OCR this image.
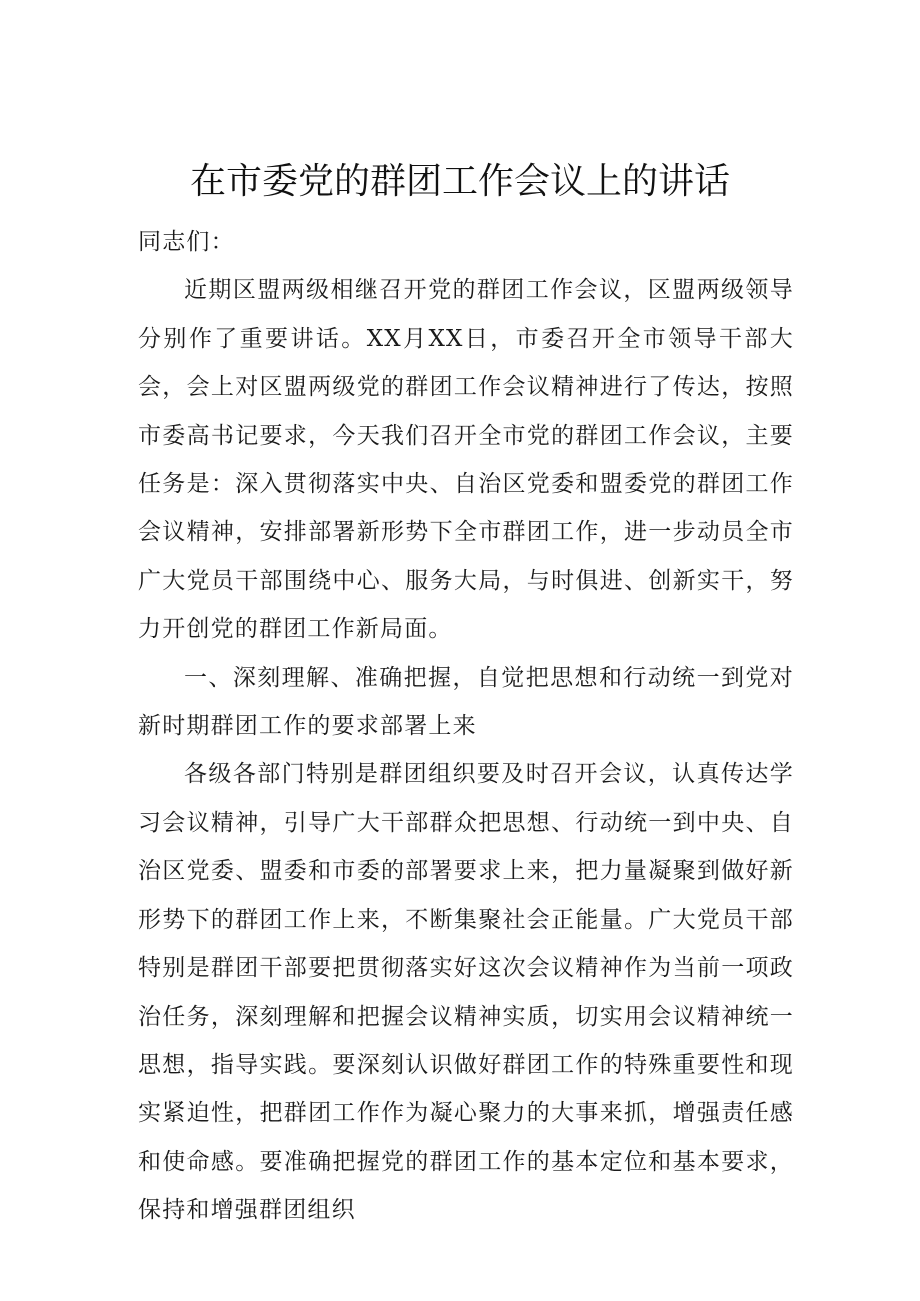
在市委党的群团工作会议上的讲话

同志们：

近期区盟两级相继召开党的群团工作会议，区盟两级领导分别作了重要讲话。XX月XX日，市委召开全市领导干部大会，会上对区盟两级党的群团工作会议精神进行了传达，按照市委高书记要求，今天我们召开全市党的群团工作会议，主要任务是：深入贯彻落实中央、自治区党委和盟委党的群团工作会议精神，安排部署新形势下全市群团工作，进一步动员全市广大党员干部围绕中心、服务大局，与时俱进、创新实干，努力开创党的群团工作新局面。

一、深刻理解、准确把握，自觉把思想和行动统一到党对新时期群团工作的要求部署上来

各级各部门特别是群团组织要及时召开会议，认真传达学习会议精神，引导广大干部群众把思想、行动统一到中央、自治区党委、盟委和市委的部署要求上来，把力量凝聚到做好新形势下的群团工作上来，不断集聚社会正能量。广大党员干部特别是群团干部要把贯彻落实好这次会议精神作为当前一项政治任务，深刻理解和把握会议精神实质，切实用会议精神统一思想，指导实践。要深刻认识做好群团工作的特殊重要性和现实紧迫性，把群团工作作为凝心聚力的大事来抓，增强责任感和使命感。要准确把握党的群团工作的基本定位和基本要求，保持和增强群团组织
